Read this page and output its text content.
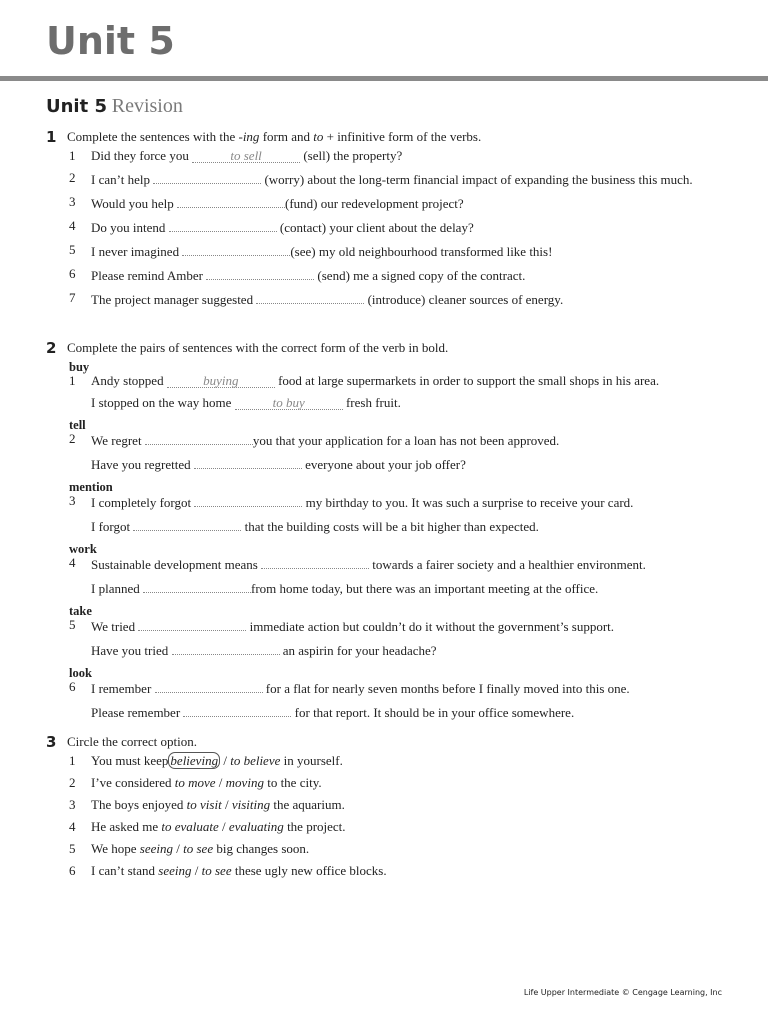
Unit 5
Unit 5 Revision
1 Complete the sentences with the -ing form and to + infinitive form of the verbs.

1 Did they force you	to sell	(sell) the property?
2 I can’t help	(worry) about the long-term financial impact of expanding the business this much.
3 Would you help	(fund) our redevelopment project?
4 Do you intend	(contact) your client about the delay?
5 I never imagined	(see) my old neighbourhood transformed like this!
6 Please remind Amber	(send) me a signed copy of the contract.
7 The project manager suggested	(introduce) cleaner sources of energy.
2 Complete the pairs of sentences with the correct form of the verb in bold.

buy
1 Andy stopped	buying	food at large supermarkets in order to support the small shops in his area.
I stopped on the way home	to buy	fresh fruit.
tell
2 We regret	you that your application for a loan has not been approved.
Have you regretted	everyone about your job offer?
mention
3 I completely forgot	my birthday to you. It was such a surprise to receive your card.
I forgot	that the building costs will be a bit higher than expected.
work
4 Sustainable development means	towards a fairer society and a healthier environment.
I planned	from home today, but there was an important meeting at the office.
take
5 We tried	immediate action but couldn’t do it without the government’s support.
Have you tried	an aspirin for your headache?
look
6 I remember	for a flat for nearly seven months before I finally moved into this one.
Please remember	for that report. It should be in your office somewhere.
3 Circle the correct option.

1 You must keep believing / to believe in yourself.
2 I’ve considered to move / moving to the city.
3 The boys enjoyed to visit / visiting the aquarium.
4 He asked me to evaluate / evaluating the project.
5 We hope seeing / to see big changes soon.
6 I can’t stand seeing / to see these ugly new office blocks.
Life Upper Intermediate © Cengage Learning, Inc
